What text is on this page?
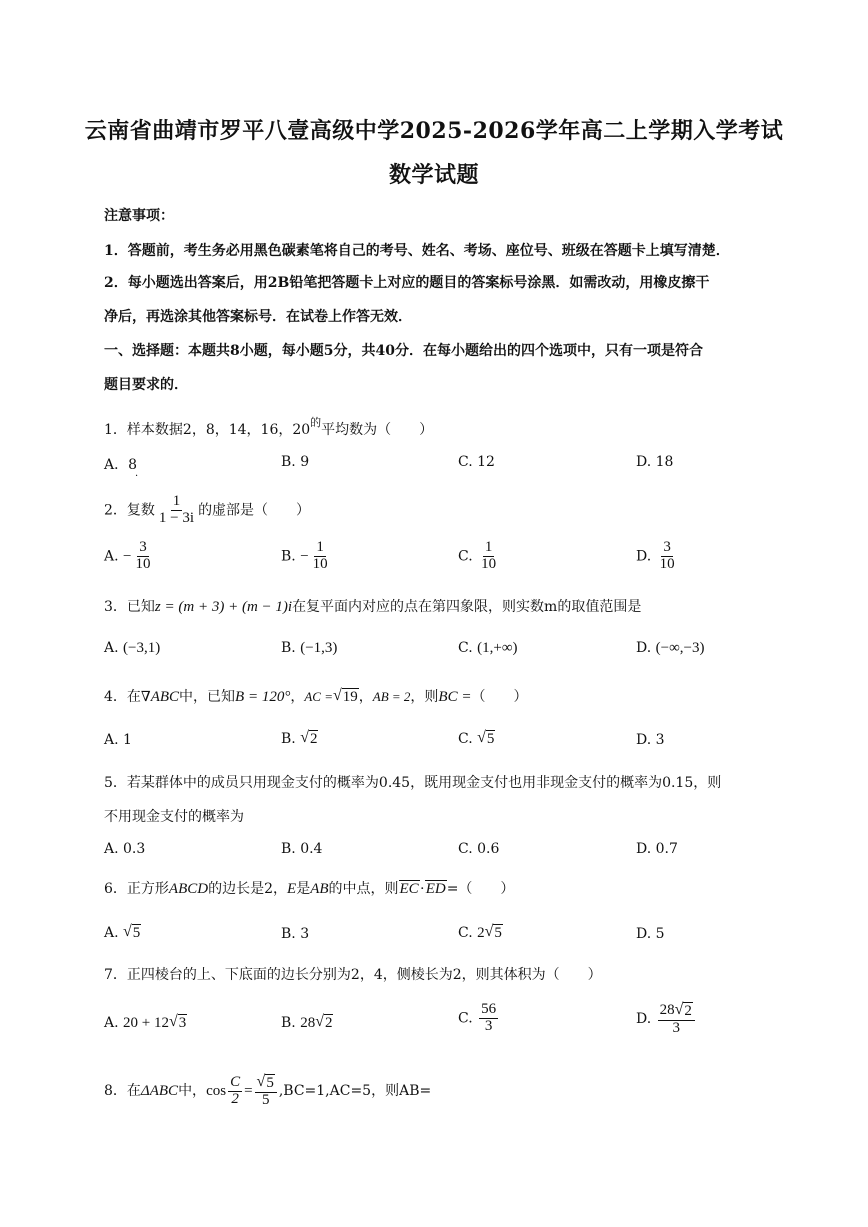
云南省曲靖市罗平八壹高级中学2025-2026学年高二上学期入学考试
数学试题
注意事项：
1．答题前，考生务必用黑色碳素笔将自己的考号、姓名、考场、座位号、班级在答题卡上填写清楚．
2．每小题选出答案后，用2B铅笔把答题卡上对应的题目的答案标号涂黑．如需改动，用橡皮擦干
净后，再选涂其他答案标号．在试卷上作答无效．
一、选择题：本题共8小题，每小题5分，共40分．在每小题给出的四个选项中，只有一项是符合
题目要求的．
1．样本数据2，8，14，16，$20^的$平均数为（　　）
A．$8_\cdot$
B. 9	C. 12	D. 18
2．复数 $\frac{1}{1 - 3i}$ 的虚部是（　　）
A. − $\frac{3}{10}$	B. − $\frac{1}{10}$	C. $\frac{1}{10}$	D. $\frac{3}{10}$
3．已知z = (m + 3) + (m − 1)i在复平面内对应的点在第四象限，则实数m的取值范围是
A. (−3,1)	B. (−1,3)	C. (1,+∞)	D. (−∞,−3)
4．在∇ABC中，已知B = 120°，AC = √ 19 ，AB = 2，则BC =（　　）
A. 1	B. √ 2	C. √ 5	D. 3
5．若某群体中的成员只用现金支付的概率为0.45，既用现金支付也用非现金支付的概率为0.15，则
不用现金支付的概率为
A. 0.3	B. 0.4	C. 0.6	D. 0.7
6．正方形ABCD的边长是2，E是AB的中点，则EC·ED=（　　）
A. √ 5	B. 3	C. 2 √ 5	D. 5
7．正四棱台的上、下底面的边长分别为2，4，侧棱长为2，则其体积为（　　）
A. 20 + 12 √ 3	B. 28 √ 2	C. $\frac{56}{3}$	D. $\frac{28 √ 2}{3}$
8．在ΔABC中，$\cos \frac{C}{2} = \frac{√ 5}{5} ,BC=1,AC=5$，则AB=
